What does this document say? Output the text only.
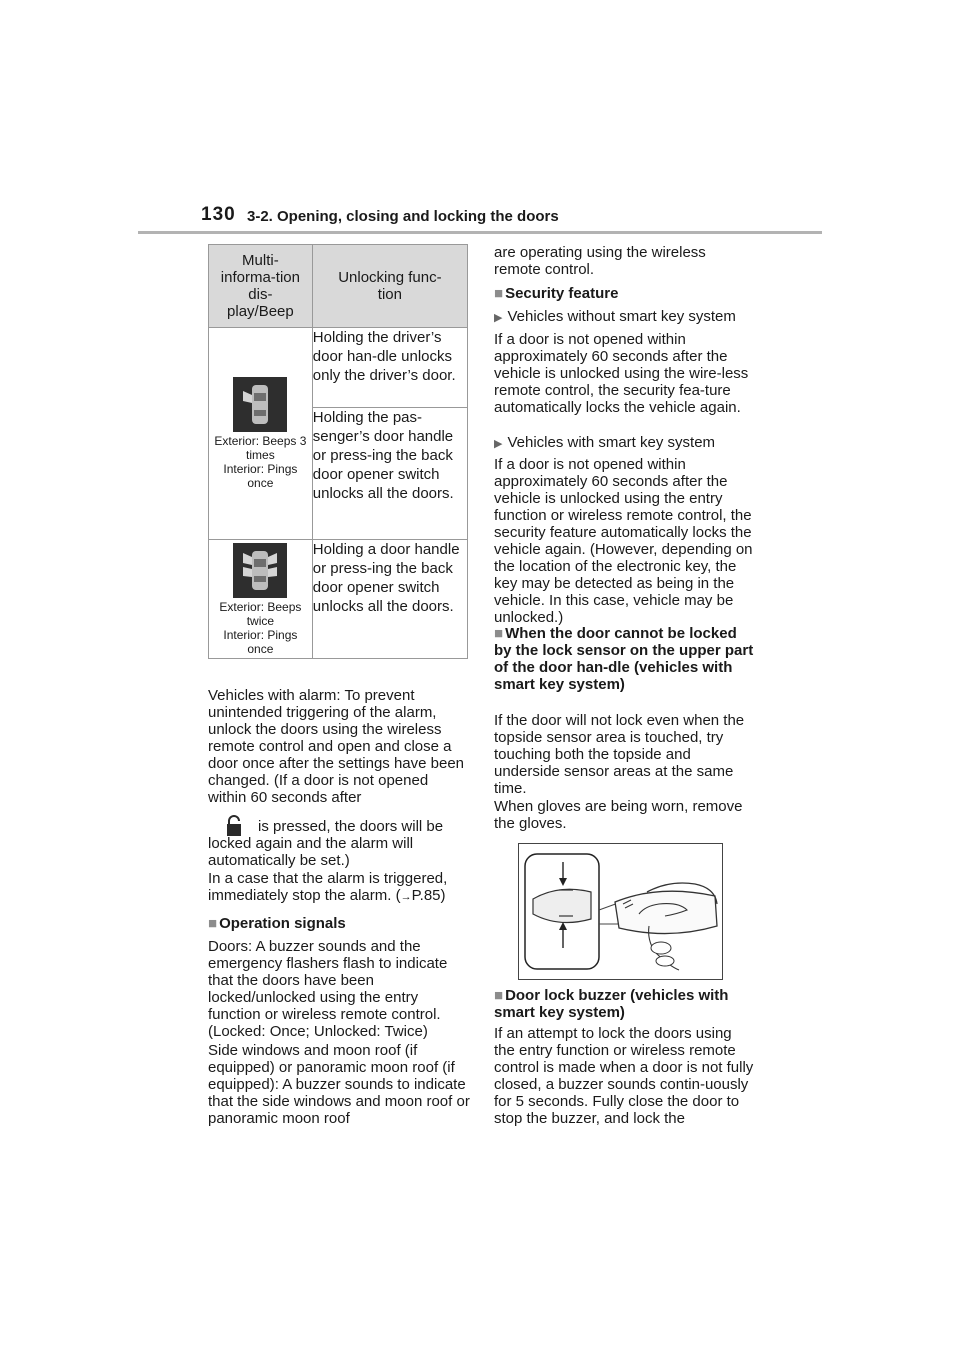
130 3-2. Opening, closing and locking the doors
Multi-informa-tion dis-play/Beep	Unlocking func-tion

Exterior: Beeps 3 times
Interior: Pings once	Holding the driver’s door han-dle unlocks only the driver’s door.
	Holding the pas-senger’s door handle or press-ing the back door opener switch unlocks all the doors.

Exterior: Beeps twice
Interior: Pings once	Holding a door handle or press-ing the back door opener switch unlocks all the doors.
Vehicles with alarm: To prevent unintended triggering of the alarm, unlock the doors using the wireless remote control and open and close a door once after the settings have been changed. (If a door is not opened within 60 seconds after
is pressed, the doors will be
locked again and the alarm will automatically be set.)
In a case that the alarm is triggered, immediately stop the alarm. (→P.85)
■ Operation signals
Doors: A buzzer sounds and the emergency flashers flash to indicate that the doors have been locked/unlocked using the entry function or wireless remote control. (Locked: Once; Unlocked: Twice)
Side windows and moon roof (if equipped) or panoramic moon roof (if equipped): A buzzer sounds to indicate that the side windows and moon roof or panoramic moon roof
are operating using the wireless remote control.
■ Security feature
▶ Vehicles without smart key system
If a door is not opened within approximately 60 seconds after the vehicle is unlocked using the wire-less remote control, the security fea-ture automatically locks the vehicle again.
▶ Vehicles with smart key system
If a door is not opened within approximately 60 seconds after the vehicle is unlocked using the entry function or wireless remote control, the security feature automatically locks the vehicle again. (However, depending on the location of the electronic key, the key may be detected as being in the vehicle. In this case, vehicle may be unlocked.)
■ When the door cannot be locked by the lock sensor on the upper part of the door han-dle (vehicles with smart key system)
If the door will not lock even when the topside sensor area is touched, try touching both the topside and underside sensor areas at the same time.
When gloves are being worn, remove the gloves.
■ Door lock buzzer (vehicles with smart key system)
If an attempt to lock the doors using the entry function or wireless remote control is made when a door is not fully closed, a buzzer sounds contin-uously for 5 seconds. Fully close the door to stop the buzzer, and lock the
